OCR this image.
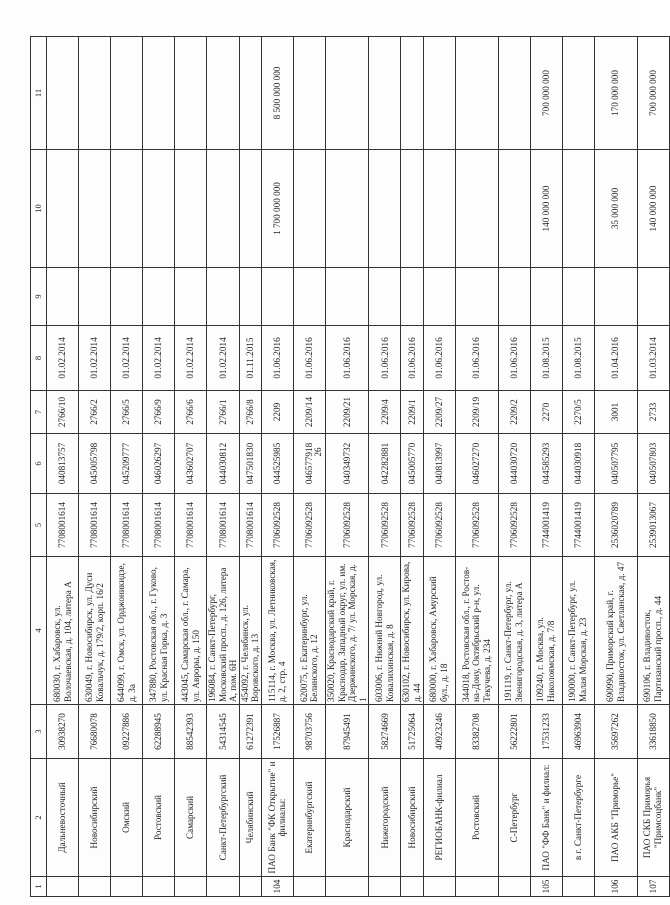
26
1	2	3	4	5	6	7	8	9	10	11
	Дальневосточный	30938270	680030, г. Хабаровск, ул. Волочаевская, д. 104, литера А	7708001614	040813757	2766/10	01.02.2014			
	Новосибирский	76680078	630049, г. Новосибирск, ул. Дуси Ковальчук, д. 179/2, корп. 16/2	7708001614	045005798	2766/2	01.02.2014			
	Омский	09227886	644099, г. Омск, ул. Орджоникидзе, д. 3а	7708001614	045209777	2766/5	01.02.2014			
	Ростовский	62288945	347880, Ростовская обл., г. Гуково, ул. Красная Горка, д. 3	7708001614	046026297	2766/9	01.02.2014			
	Самарский	88542393	443045, Самарская обл., г. Самара, ул. Авроры, д. 150	7708001614	043602707	2766/6	01.02.2014			
	Санкт-Петербургский	54314545	196084, г. Санкт-Петербург, Московский просп., д. 126, литера А, пом. 6Н	7708001614	044030812	2766/1	01.02.2014			
	Челябинский	61272391	454092, г. Челябинск, ул. Воровского, д. 13	7708001614	047501830	2766/8	01.11.2015			
104	ПАО Банк "ФК Открытие" и филиалы:	17526887	115114, г. Москва, ул. Летниковская, д. 2, стр. 4	7706092528	044525985	2209	01.06.2016		1 700 000 000	8 500 000 000
	Екатеринбургский	98703756	620075, г. Екатеринбург, ул. Белинского, д. 12	7706092528	046577918	2209/14	01.06.2016			
	Краснодарский	87945491	350020, Краснодарский край, г. Краснодар, Западный округ, ул. им. Дзержинского, д. 7/ ул. Морская, д. 1	7706092528	040349732	2209/21	01.06.2016			
	Нижегородский	58274669	603006, г. Нижний Новгород, ул. Ковалихинская, д. 8	7706092528	042282881	2209/4	01.06.2016			
	Новосибирский	51725064	630102, г. Новосибирск, ул. Кирова, д. 44	7706092528	045005770	2209/1	01.06.2016			
	РЕГИОБАНК-филиал	40923246	680000, г. Хабаровск, Амурский бул., д. 18	7706092528	040813997	2209/27	01.06.2016			
	Ростовский	83382708	344018, Ростовская обл., г. Ростов-на-Дону, Октябрьский р-н, ул. Текучева, д. 234	7706092528	046027270	2209/19	01.06.2016			
	С-Петербург	56222801	191119, г. Санкт-Петербург, ул. Звенигородская, д. 3, литера А	7706092528	044030720	2209/2	01.06.2016			
105	ПАО "ФФ Банк" и филиал:	17531233	109240, г. Москва, ул. Николоямская, д. 7/8	7744001419	044585293	2270	01.08.2015		140 000 000	700 000 000
	в г. Санкт-Петербурге	46963904	190000, г. Санкт-Петербург, ул. Малая Морская, д. 23	7744001419	044030918	2270/5	01.08.2015			
106	ПАО АКБ "Приморье"	35697262	690990, Приморский край, г. Владивосток, ул. Светланская, д. 47	2536020789	040507795	3001	01.04.2016		35 000 000	170 000 000
107	ПАО СКБ Приморья "Примсоцбанк"	33618850	690106, г. Владивосток, Партизанский просп., д. 44	2539013067	040507803	2733	01.03.2014		140 000 000	700 000 000
